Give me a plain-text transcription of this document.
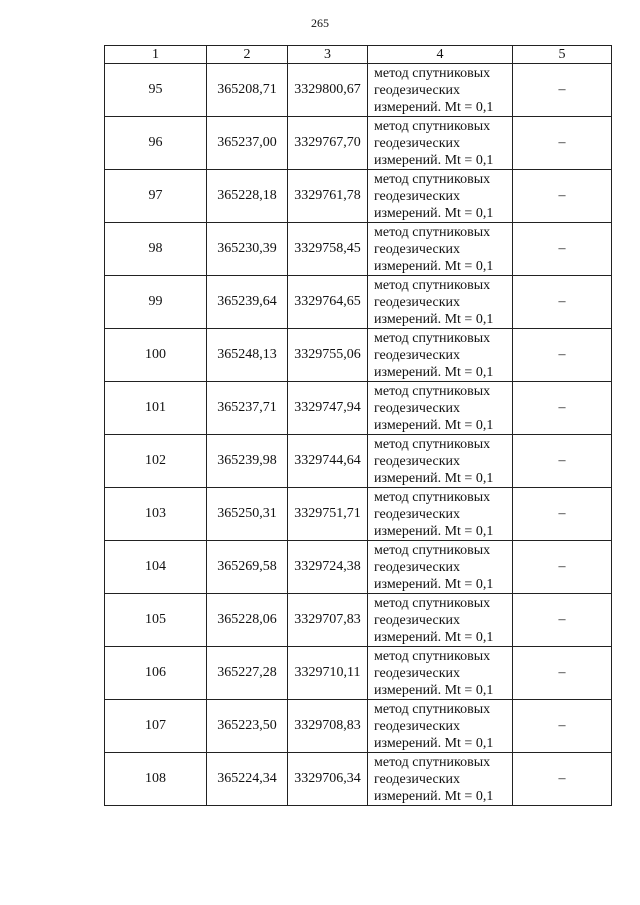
265
1	2	3	4	5
95	365208,71	3329800,67	метод спутниковых
геодезических
измерений. Mt = 0,1	–
96	365237,00	3329767,70	метод спутниковых
геодезических
измерений. Mt = 0,1	–
97	365228,18	3329761,78	метод спутниковых
геодезических
измерений. Mt = 0,1	–
98	365230,39	3329758,45	метод спутниковых
геодезических
измерений. Mt = 0,1	–
99	365239,64	3329764,65	метод спутниковых
геодезических
измерений. Mt = 0,1	–
100	365248,13	3329755,06	метод спутниковых
геодезических
измерений. Mt = 0,1	–
101	365237,71	3329747,94	метод спутниковых
геодезических
измерений. Mt = 0,1	–
102	365239,98	3329744,64	метод спутниковых
геодезических
измерений. Mt = 0,1	–
103	365250,31	3329751,71	метод спутниковых
геодезических
измерений. Mt = 0,1	–
104	365269,58	3329724,38	метод спутниковых
геодезических
измерений. Mt = 0,1	–
105	365228,06	3329707,83	метод спутниковых
геодезических
измерений. Mt = 0,1	–
106	365227,28	3329710,11	метод спутниковых
геодезических
измерений. Mt = 0,1	–
107	365223,50	3329708,83	метод спутниковых
геодезических
измерений. Mt = 0,1	–
108	365224,34	3329706,34	метод спутниковых
геодезических
измерений. Mt = 0,1	–
